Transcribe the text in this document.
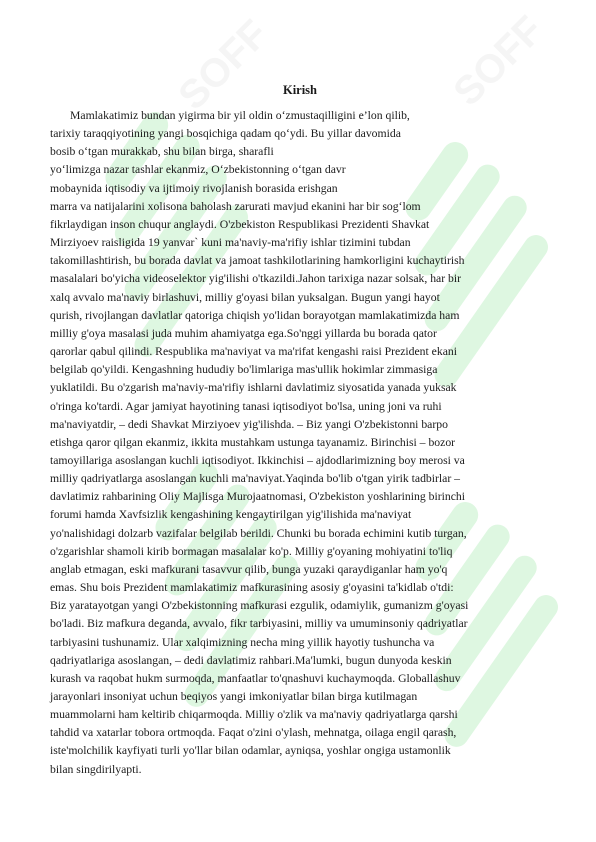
SOFF	SOFF
Kirish
Mamlakatimiz bundan yigirma bir yil oldin o‘zmustaqilligini e’lon qilib,
tarixiy taraqqiyotining yangi bosqichiga qadam qo‘ydi. Bu yillar davomida
bosib o‘tgan murakkab, shu bilan birga, sharafli
yo‘limizga nazar tashlar ekanmiz, O‘zbekistonning o‘tgan davr
mobaynida iqtisodiy va ijtimoiy rivojlanish borasida erishgan
marra va natijalarini xolisona baholash zarurati mavjud ekanini har bir sog‘lom
fikrlaydigan inson chuqur anglaydi. O'zbekiston Respublikasi Prezidenti Shavkat
Mirziyoev raisligida 19 yanvar` kuni ma'naviy-ma'rifiy ishlar tizimini tubdan
takomillashtirish, bu borada davlat va jamoat tashkilotlarining hamkorligini kuchaytirish
masalalari bo'yicha videoselektor yig'ilishi o'tkazildi.Jahon tarixiga nazar solsak, har bir
xalq avvalo ma'naviy birlashuvi, milliy g'oyasi bilan yuksalgan. Bugun yangi hayot
qurish, rivojlangan davlatlar qatoriga chiqish yo'lidan borayotgan mamlakatimizda ham
milliy g'oya masalasi juda muhim ahamiyatga ega.So'nggi yillarda bu borada qator
qarorlar qabul qilindi. Respublika ma'naviyat va ma'rifat kengashi raisi Prezident ekani
belgilab qo'yildi. Kengashning hududiy bo'limlariga mas'ullik hokimlar zimmasiga
yuklatildi. Bu o'zgarish ma'naviy-ma'rifiy ishlarni davlatimiz siyosatida yanada yuksak
o'ringa ko'tardi. Agar jamiyat hayotining tanasi iqtisodiyot bo'lsa, uning joni va ruhi
ma'naviyatdir, – dedi Shavkat Mirziyoev yig'ilishda. – Biz yangi O'zbekistonni barpo
etishga qaror qilgan ekanmiz, ikkita mustahkam ustunga tayanamiz. Birinchisi – bozor
tamoyillariga asoslangan kuchli iqtisodiyot. Ikkinchisi – ajdodlarimizning boy merosi va
milliy qadriyatlarga asoslangan kuchli ma'naviyat.Yaqinda bo'lib o'tgan yirik tadbirlar –
davlatimiz rahbarining Oliy Majlisga Murojaatnomasi, O'zbekiston yoshlarining birinchi
forumi hamda Xavfsizlik kengashining kengaytirilgan yig'ilishida ma'naviyat
yo'nalishidagi dolzarb vazifalar belgilab berildi. Chunki bu borada echimini kutib turgan,
o'zgarishlar shamoli kirib bormagan masalalar ko'p. Milliy g'oyaning mohiyatini to'liq
anglab etmagan, eski mafkurani tasavvur qilib, bunga yuzaki qaraydiganlar ham yo'q
emas. Shu bois Prezident mamlakatimiz mafkurasining asosiy g'oyasini ta'kidlab o'tdi:
Biz yaratayotgan yangi O'zbekistonning mafkurasi ezgulik, odamiylik, gumanizm g'oyasi
bo'ladi. Biz mafkura deganda, avvalo, fikr tarbiyasini, milliy va umuminsoniy qadriyatlar
tarbiyasini tushunamiz. Ular xalqimizning necha ming yillik hayotiy tushuncha va
qadriyatlariga asoslangan, – dedi davlatimiz rahbari.Ma'lumki, bugun dunyoda keskin
kurash va raqobat hukm surmoqda, manfaatlar to'qnashuvi kuchaymoqda. Globallashuv
jarayonlari insoniyat uchun beqiyos yangi imkoniyatlar bilan birga kutilmagan
muammolarni ham keltirib chiqarmoqda. Milliy o'zlik va ma'naviy qadriyatlarga qarshi
tahdid va xatarlar tobora ortmoqda. Faqat o'zini o'ylash, mehnatga, oilaga engil qarash,
iste'molchilik kayfiyati turli yo'llar bilan odamlar, ayniqsa, yoshlar ongiga ustamonlik
bilan singdirilyapti.
